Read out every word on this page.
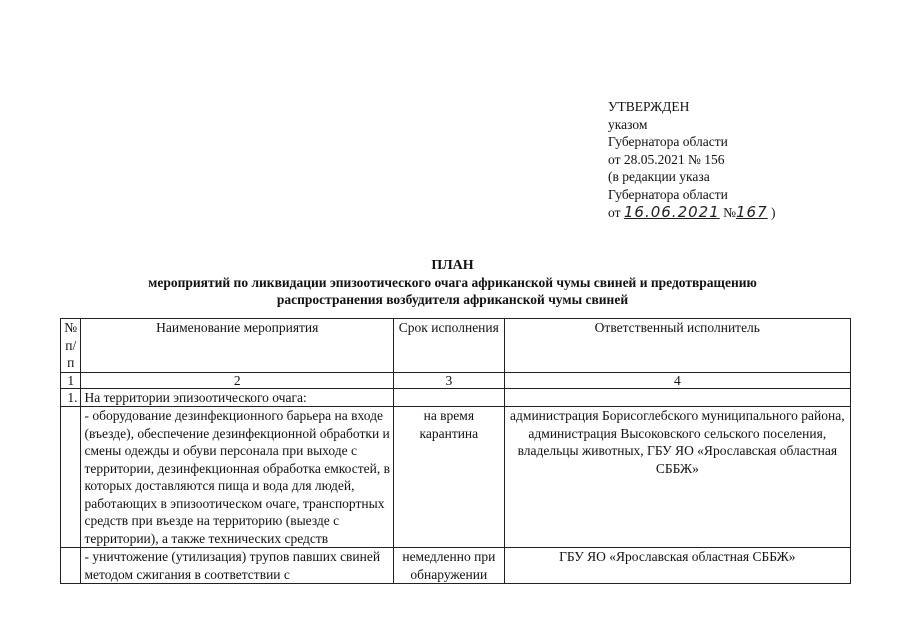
УТВЕРЖДЕН
указом
Губернатора области
от 28.05.2021 № 156
(в редакции указа
Губернатора области
от 16.06.2021 №167 )
ПЛАН
мероприятий по ликвидации эпизоотического очага африканской чумы свиней и предотвращению
распространения возбудителя африканской чумы свиней
№ п/п	Наименование мероприятия	Срок исполнения	Ответственный исполнитель
1	2	3	4
1.	На территории эпизоотического очага:		
	- оборудование дезинфекционного барьера на входе (въезде), обеспечение дезинфекционной обработки и смены одежды и обуви персонала при выходе с территории, дезинфекционная обработка емкостей, в которых доставляются пища и вода для людей, работающих в эпизоотическом очаге, транспортных средств при въезде на территорию (выезде с территории), а также технических средств	на время карантина	администрация Борисоглебского муниципального района, администрация Высоковского сельского поселения, владельцы животных, ГБУ ЯО «Ярославская областная СББЖ»
	- уничтожение (утилизация) трупов павших свиней методом сжигания в соответствии с	немедленно при обнаружении	ГБУ ЯО «Ярославская областная СББЖ»
